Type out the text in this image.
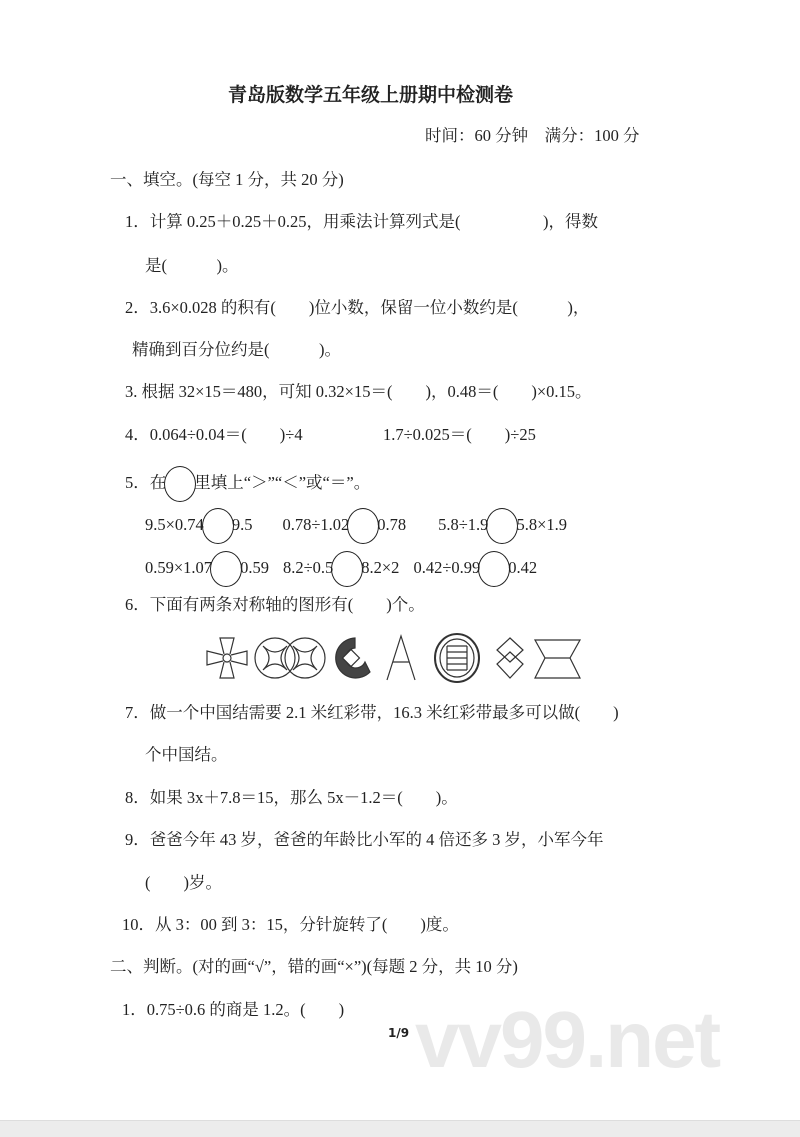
青岛版数学五年级上册期中检测卷
时间：60 分钟　满分：100 分
一、填空。(每空 1 分，共 20 分)
1．计算 0.25＋0.25＋0.25，用乘法计算列式是(　　　　　)，得数
是(　　　)。
2．3.6×0.028 的积有(　　)位小数，保留一位小数约是(　　　)，
精确到百分位约是(　　　)。
3. 根据 32×15＝480，可知 0.32×15＝(　　)，0.48＝(　　)×0.15。
4．0.064÷0.04＝(　　)÷4	1.7÷0.025＝(　　)÷25
5．在 里填上“＞”“＜”或“＝”。
9.5×0.74 9.5 0.78÷1.02 0.78 5.8÷1.9 5.8×1.9
0.59×1.07 0.59 8.2÷0.5 8.2×2 0.42÷0.99 0.42
6．下面有两条对称轴的图形有(　　)个。
7．做一个中国结需要 2.1 米红彩带，16.3 米红彩带最多可以做(　　)
个中国结。
8．如果 3x＋7.8＝15，那么 5x－1.2＝(　　)。
9．爸爸今年 43 岁，爸爸的年龄比小军的 4 倍还多 3 岁，小军今年
(　　)岁。
10．从 3：00 到 3：15，分针旋转了(　　)度。
二、判断。(对的画“√”，错的画“×”)(每题 2 分，共 10 分)
vv99.net
1．0.75÷0.6 的商是 1.2。(　　)
1/9
